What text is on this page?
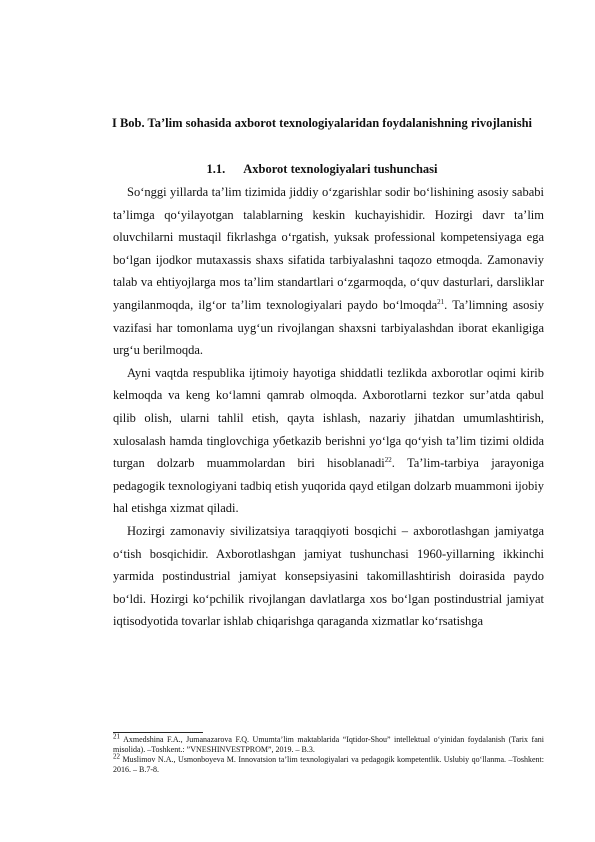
I Bob. Ta’lim sohasida axborot texnologiyalaridan foydalanishning rivojlanishi
1.1. Axborot texnologiyalari tushunchasi

So‘nggi yillarda ta’lim tizimida jiddiy o‘zgarishlar sodir bo‘lishining asosiy sababi ta’limga qo‘yilayotgan talablarning keskin kuchayishidir. Hozirgi davr ta’lim oluvchilarni mustaqil fikrlashga o‘rgatish, yuksak professional kompetensiyaga ega bo‘lgan ijodkor mutaxassis shaxs sifatida tarbiyalashni taqozo etmoqda. Zamonaviy talab va ehtiyojlarga mos ta’lim standartlari o‘zgarmoqda, o‘quv dasturlari, darsliklar yangilanmoqda, ilg‘or ta’lim texnologiyalari paydo bo‘lmoqda$^{21}$. Ta’limning asosiy vazifasi har tomonlama uyg‘un rivojlangan shaxsni tarbiyalashdan iborat ekanligiga urg‘u berilmoqda.

Ayni vaqtda respublika ijtimoiy hayotiga shiddatli tezlikda axborotlar oqimi kirib kelmoqda va keng ko‘lamni qamrab olmoqda. Axborotlarni tezkor sur’atda qabul qilib olish, ularni tahlil etish, qayta ishlash, nazariy jihatdan umumlashtirish, xulosalash hamda tinglovchiga yбetkazib berishni yo‘lga qo‘yish ta’lim tizimi oldida turgan dolzarb muammolardan biri hisoblanadi$^{22}$. Ta’lim-tarbiya jarayoniga pedagogik texnologiyani tadbiq etish yuqorida qayd etilgan dolzarb muammoni ijobiy hal etishga xizmat qiladi.

Hozirgi zamonaviy sivilizatsiya taraqqiyoti bosqichi – axborotlashgan jamiyatga o‘tish bosqichidir. Axborotlashgan jamiyat tushunchasi 1960-yillarning ikkinchi yarmida postindustrial jamiyat konsepsiyasini takomillashtirish doirasida paydo bo‘ldi. Hozirgi ko‘pchilik rivojlangan davlatlarga xos bo‘lgan postindustrial jamiyat iqtisodyotida tovarlar ishlab chiqarishga qaraganda xizmatlar ko‘rsatishga

$^{21}$ Axmedshina F.A., Jumanazarova F.Q. Umumta’lim maktablarida “Iqtidor-Shou” intellektual o‘yinidan foydalanish (Tarix fani misolida). –Toshkent.: ”VNESHINVESTPROM”, 2019. – B.3.

$^{22}$ Muslimov N.A., Usmonboyeva M. Innovatsion ta’lim texnologiyalari va pedagogik kompetentlik. Uslubiy qo‘llanma. –Toshkent: 2016. – B.7-8.
